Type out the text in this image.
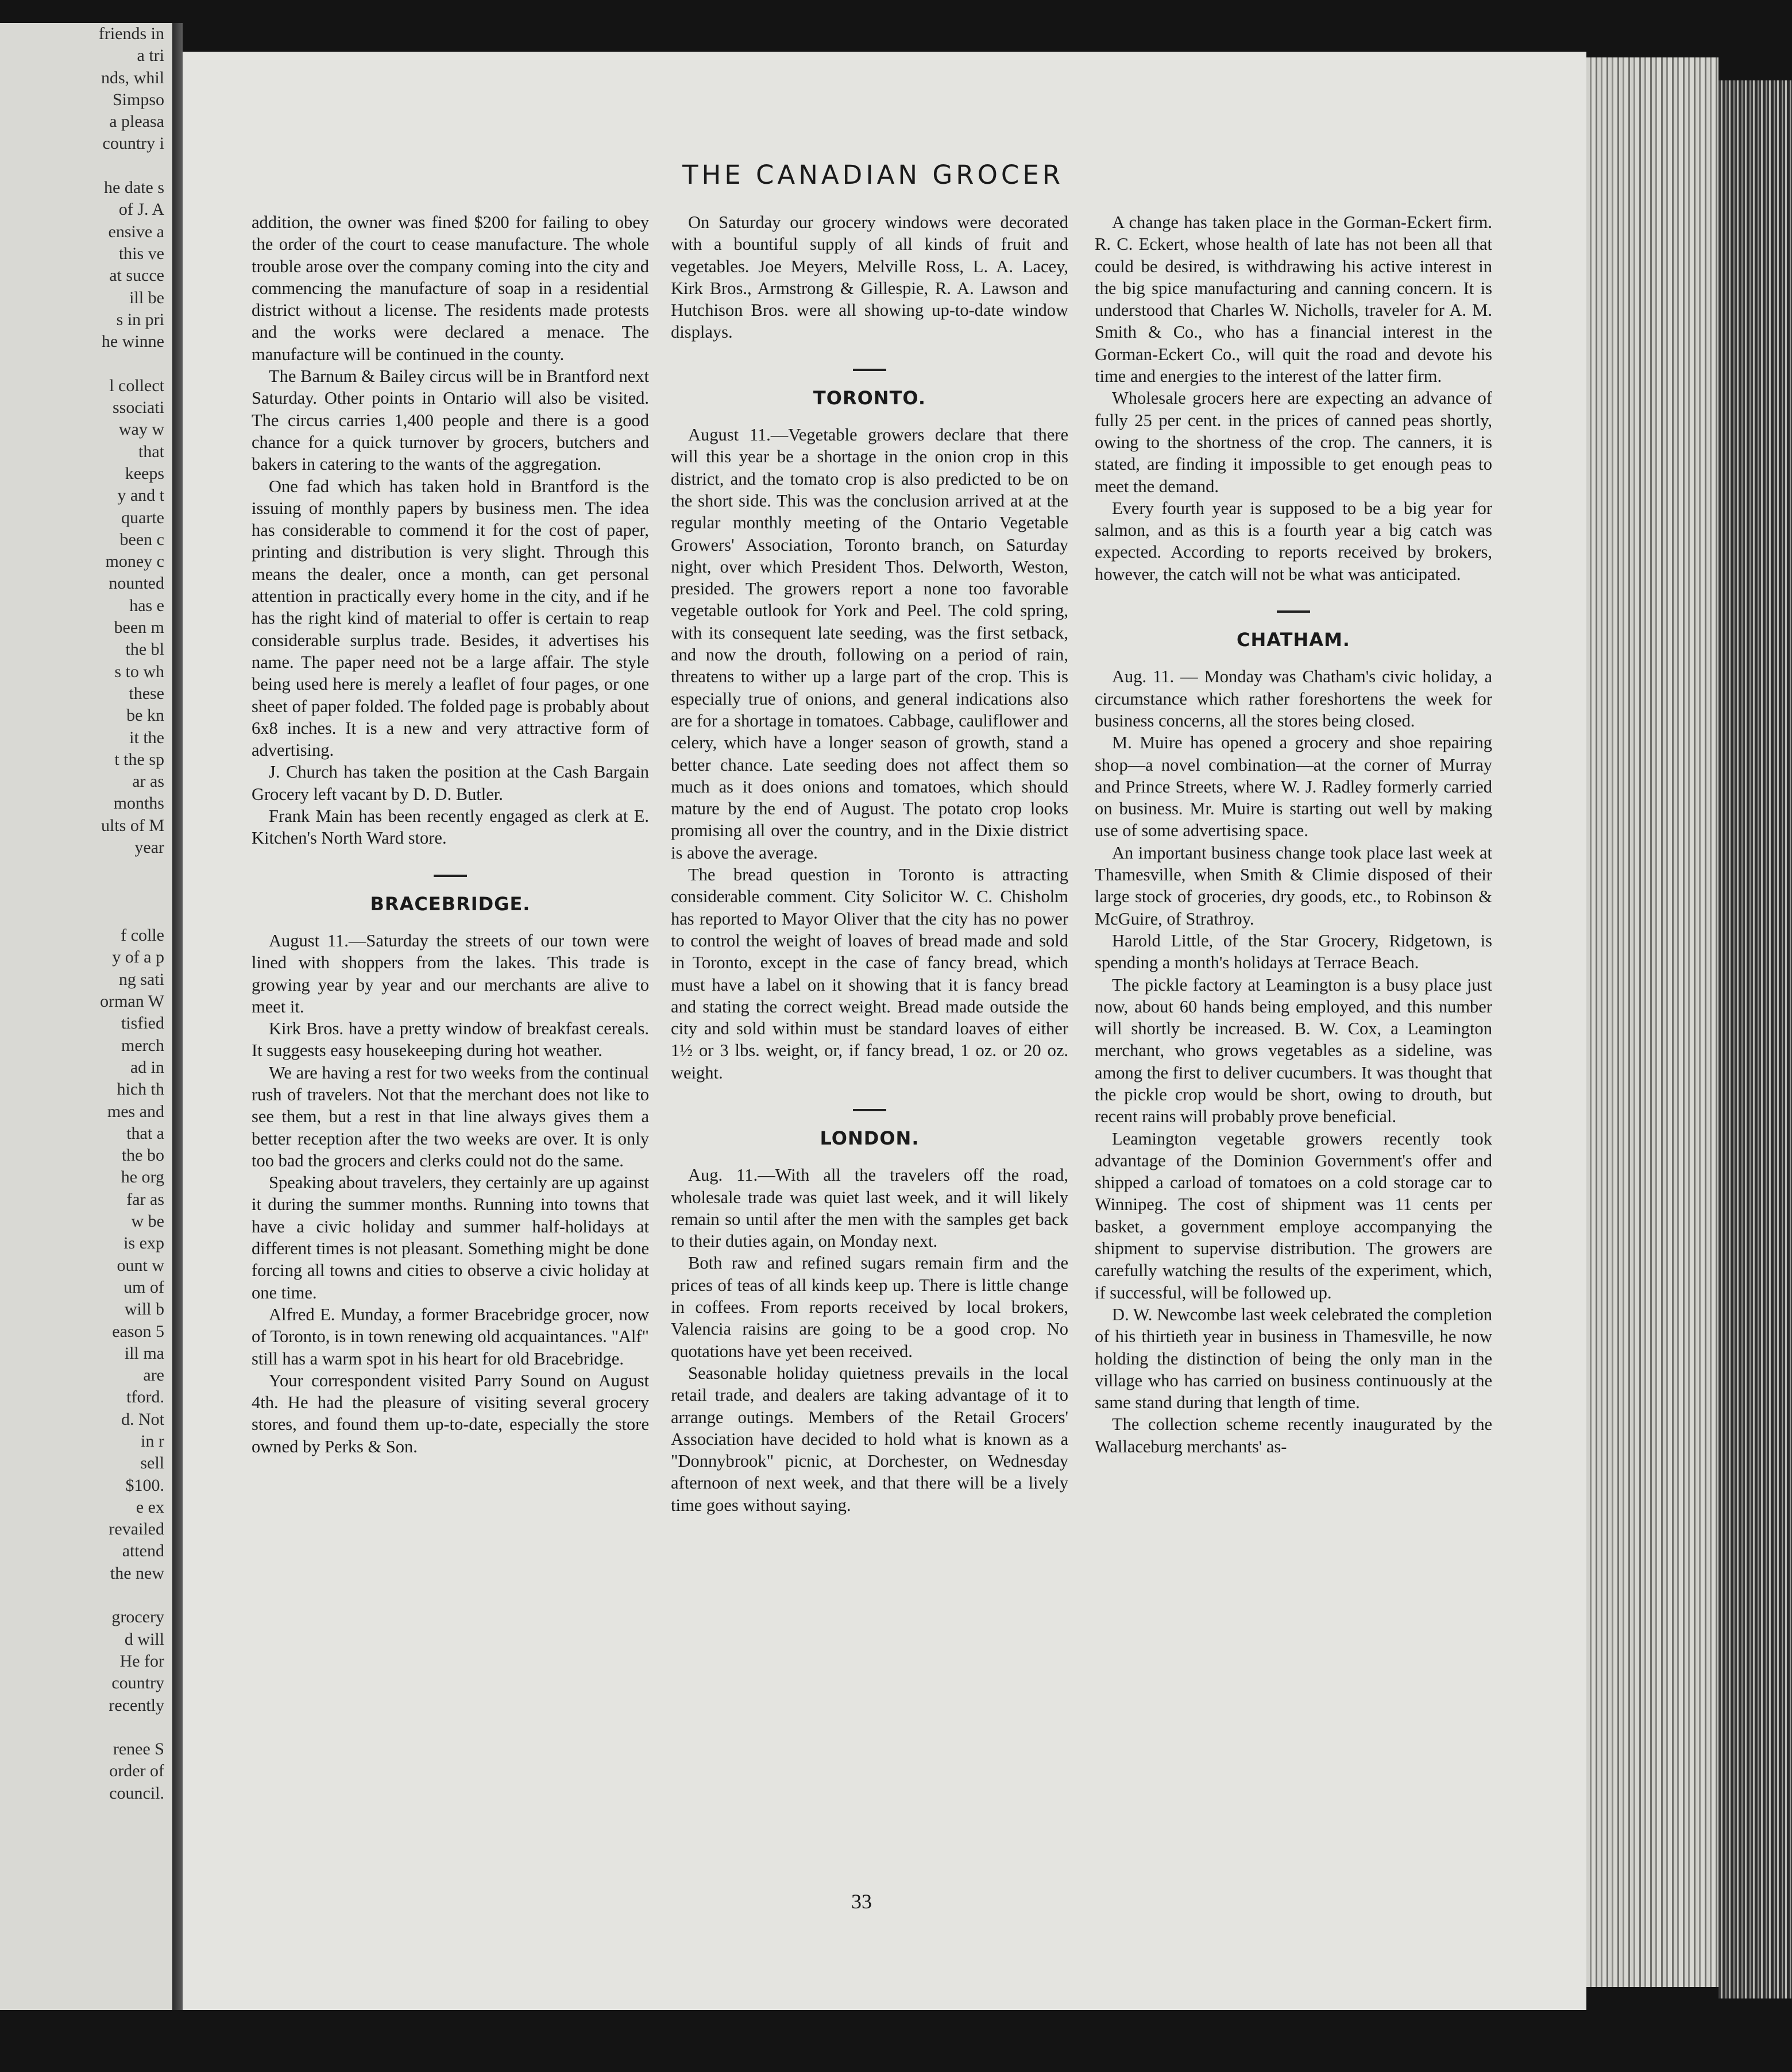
friends in
a tri
nds, whil
Simpso
a pleasa
country i

he date s
of J. A
ensive a
this ve
at succe
ill be
s in pri
he winne

l collect
ssociati
way w
that
keeps
y and t
quarte
been c
money c
nounted
has e
been m
the bl
s to wh
these
be kn
it the
t the sp
ar as
months
ults of M
year

f colle
y of a p
ng sati
orman W
tisfied
merch
ad in
hich th
mes and
that a
the bo
he org
far as
w be
is exp
ount w
um of
will b
eason 5
ill ma
are
tford.
d. Not
in r
sell
$100.
e ex
revailed
attend
the new

grocery
d will
He for
country
recently

renee S
order of
council.
THE CANADIAN GROCER

addition, the owner was fined $200 for failing to obey the order of the court to cease manufacture. The whole trouble arose over the company coming into the city and commencing the manufacture of soap in a residential district without a license. The residents made protests and the works were declared a menace. The manufacture will be continued in the county.

The Barnum & Bailey circus will be in Brantford next Saturday. Other points in Ontario will also be visited. The circus carries 1,400 people and there is a good chance for a quick turnover by grocers, butchers and bakers in catering to the wants of the aggregation.

One fad which has taken hold in Brantford is the issuing of monthly papers by business men. The idea has considerable to commend it for the cost of paper, printing and distribution is very slight. Through this means the dealer, once a month, can get personal attention in practically every home in the city, and if he has the right kind of material to offer is certain to reap considerable surplus trade. Besides, it advertises his name. The paper need not be a large affair. The style being used here is merely a leaflet of four pages, or one sheet of paper folded. The folded page is probably about 6x8 inches. It is a new and very attractive form of advertising.

J. Church has taken the position at the Cash Bargain Grocery left vacant by D. D. Butler.

Frank Main has been recently engaged as clerk at E. Kitchen's North Ward store.

BRACEBRIDGE.

August 11.—Saturday the streets of our town were lined with shoppers from the lakes. This trade is growing year by year and our merchants are alive to meet it.

Kirk Bros. have a pretty window of breakfast cereals. It suggests easy housekeeping during hot weather.

We are having a rest for two weeks from the continual rush of travelers. Not that the merchant does not like to see them, but a rest in that line always gives them a better reception after the two weeks are over. It is only too bad the grocers and clerks could not do the same.

Speaking about travelers, they certainly are up against it during the summer months. Running into towns that have a civic holiday and summer half-holidays at different times is not pleasant. Something might be done forcing all towns and cities to observe a civic holiday at one time.

Alfred E. Munday, a former Bracebridge grocer, now of Toronto, is in town renewing old acquaintances. "Alf" still has a warm spot in his heart for old Bracebridge.

Your correspondent visited Parry Sound on August 4th. He had the pleasure of visiting several grocery stores, and found them up-to-date, especially the store owned by Perks & Son.

On Saturday our grocery windows were decorated with a bountiful supply of all kinds of fruit and vegetables. Joe Meyers, Melville Ross, L. A. Lacey, Kirk Bros., Armstrong & Gillespie, R. A. Lawson and Hutchison Bros. were all showing up-to-date window displays.

TORONTO.

August 11.—Vegetable growers declare that there will this year be a shortage in the onion crop in this district, and the tomato crop is also predicted to be on the short side. This was the conclusion arrived at at the regular monthly meeting of the Ontario Vegetable Growers' Association, Toronto branch, on Saturday night, over which President Thos. Delworth, Weston, presided. The growers report a none too favorable vegetable outlook for York and Peel. The cold spring, with its consequent late seeding, was the first setback, and now the drouth, following on a period of rain, threatens to wither up a large part of the crop. This is especially true of onions, and general indications also are for a shortage in tomatoes. Cabbage, cauliflower and celery, which have a longer season of growth, stand a better chance. Late seeding does not affect them so much as it does onions and tomatoes, which should mature by the end of August. The potato crop looks promising all over the country, and in the Dixie district is above the average.

The bread question in Toronto is attracting considerable comment. City Solicitor W. C. Chisholm has reported to Mayor Oliver that the city has no power to control the weight of loaves of bread made and sold in Toronto, except in the case of fancy bread, which must have a label on it showing that it is fancy bread and stating the correct weight. Bread made outside the city and sold within must be standard loaves of either 1½ or 3 lbs. weight, or, if fancy bread, 1 oz. or 20 oz. weight.

LONDON.

Aug. 11.—With all the travelers off the road, wholesale trade was quiet last week, and it will likely remain so until after the men with the samples get back to their duties again, on Monday next.

Both raw and refined sugars remain firm and the prices of teas of all kinds keep up. There is little change in coffees. From reports received by local brokers, Valencia raisins are going to be a good crop. No quotations have yet been received.

Seasonable holiday quietness prevails in the local retail trade, and dealers are taking advantage of it to arrange outings. Members of the Retail Grocers' Association have decided to hold what is known as a "Donnybrook" picnic, at Dorchester, on Wednesday afternoon of next week, and that there will be a lively time goes without saying.

A change has taken place in the Gorman-Eckert firm. R. C. Eckert, whose health of late has not been all that could be desired, is withdrawing his active interest in the big spice manufacturing and canning concern. It is understood that Charles W. Nicholls, traveler for A. M. Smith & Co., who has a financial interest in the Gorman-Eckert Co., will quit the road and devote his time and energies to the interest of the latter firm.

Wholesale grocers here are expecting an advance of fully 25 per cent. in the prices of canned peas shortly, owing to the shortness of the crop. The canners, it is stated, are finding it impossible to get enough peas to meet the demand.

Every fourth year is supposed to be a big year for salmon, and as this is a fourth year a big catch was expected. According to reports received by brokers, however, the catch will not be what was anticipated.

CHATHAM.

Aug. 11. — Monday was Chatham's civic holiday, a circumstance which rather foreshortens the week for business concerns, all the stores being closed.

M. Muire has opened a grocery and shoe repairing shop—a novel combination—at the corner of Murray and Prince Streets, where W. J. Radley formerly carried on business. Mr. Muire is starting out well by making use of some advertising space.

An important business change took place last week at Thamesville, when Smith & Climie disposed of their large stock of groceries, dry goods, etc., to Robinson & McGuire, of Strathroy.

Harold Little, of the Star Grocery, Ridgetown, is spending a month's holidays at Terrace Beach.

The pickle factory at Leamington is a busy place just now, about 60 hands being employed, and this number will shortly be increased. B. W. Cox, a Leamington merchant, who grows vegetables as a sideline, was among the first to deliver cucumbers. It was thought that the pickle crop would be short, owing to drouth, but recent rains will probably prove beneficial.

Leamington vegetable growers recently took advantage of the Dominion Government's offer and shipped a carload of tomatoes on a cold storage car to Winnipeg. The cost of shipment was 11 cents per basket, a government employe accompanying the shipment to supervise distribution. The growers are carefully watching the results of the experiment, which, if successful, will be followed up.

D. W. Newcombe last week celebrated the completion of his thirtieth year in business in Thamesville, he now holding the distinction of being the only man in the village who has carried on business continuously at the same stand during that length of time.

The collection scheme recently inaugurated by the Wallaceburg merchants' as-

33
